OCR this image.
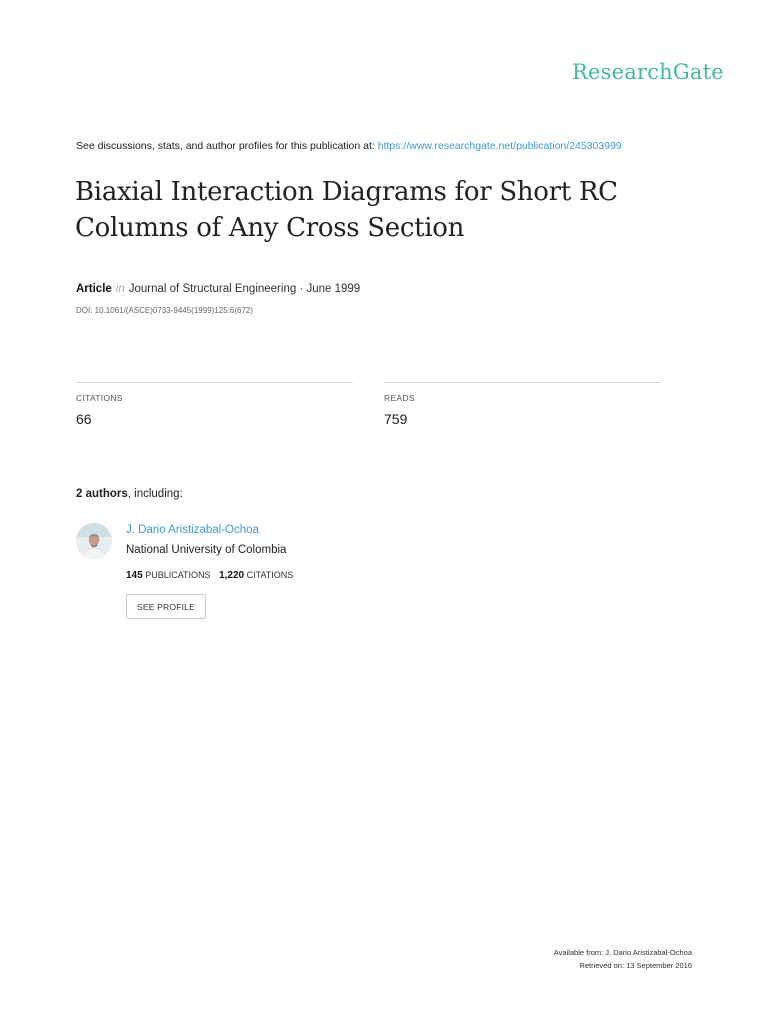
ResearchGate
See discussions, stats, and author profiles for this publication at: https://www.researchgate.net/publication/245303999
Biaxial Interaction Diagrams for Short RC Columns of Any Cross Section
Article in Journal of Structural Engineering · June 1999
DOI: 10.1061/(ASCE)0733-9445(1999)125:6(672)
CITATIONS
66
READS
759
2 authors, including:
J. Dario Aristizabal-Ochoa
National University of Colombia
145 PUBLICATIONS 1,220 CITATIONS
SEE PROFILE
Available from: J. Dario Aristizabal-Ochoa
Retrieved on: 13 September 2016
